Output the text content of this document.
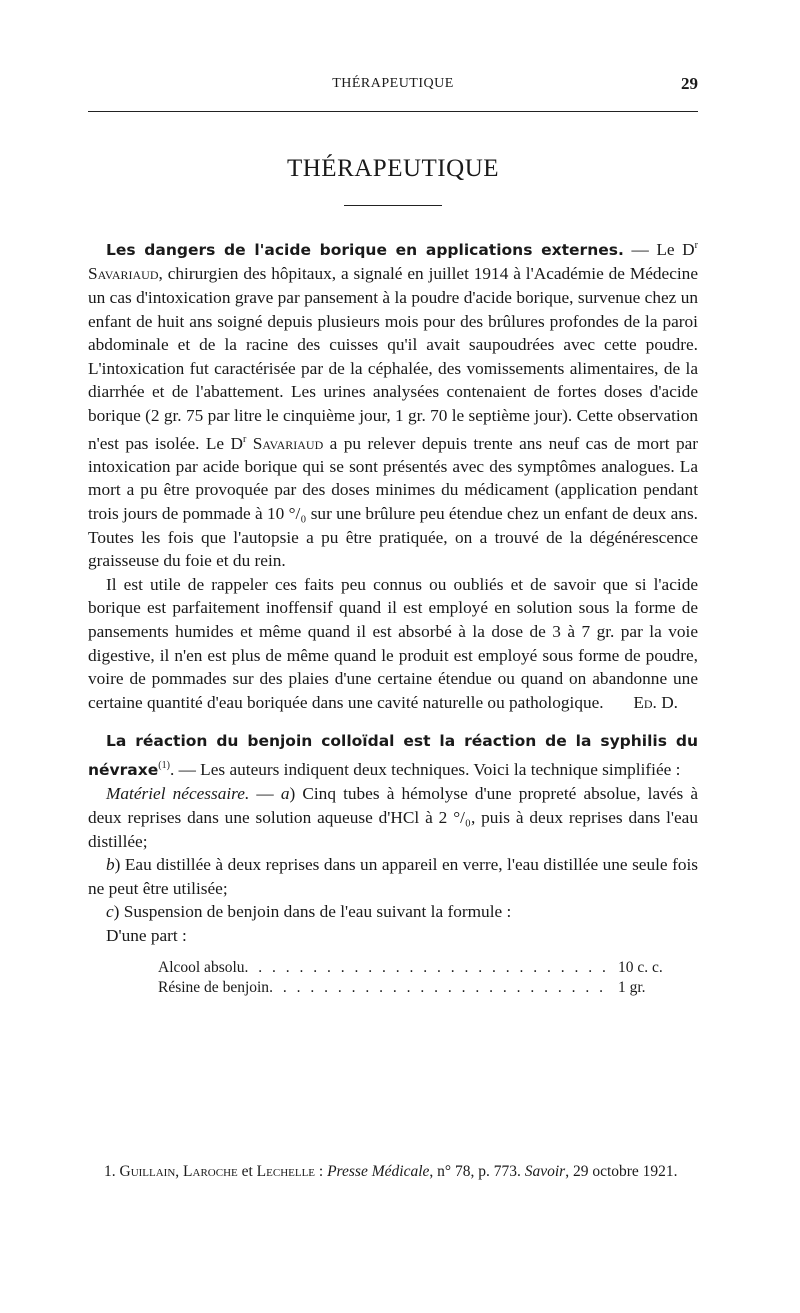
THÉRAPEUTIQUE	29
THÉRAPEUTIQUE

Les dangers de l'acide borique en applications externes. — Le $D^r$ Savariaud, chirurgien des hôpitaux, a signalé en juillet 1914 à l'Académie de Médecine un cas d'intoxication grave par pansement à la poudre d'acide borique, survenue chez un enfant de huit ans soigné depuis plusieurs mois pour des brûlures profondes de la paroi abdominale et de la racine des cuisses qu'il avait saupoudrées avec cette poudre. L'intoxication fut caractérisée par de la céphalée, des vomissements alimentaires, de la diarrhée et de l'abattement. Les urines analysées contenaient de fortes doses d'acide borique (2 gr. 75 par litre le cinquième jour, 1 gr. 70 le septième jour). Cette observation n'est pas isolée. Le $D^r$ Savariaud a pu relever depuis trente ans neuf cas de mort par intoxication par acide borique qui se sont présentés avec des symptômes analogues. La mort a pu être provoquée par des doses minimes du médicament (application pendant trois jours de pommade à 10 °/₀ sur une brûlure peu étendue chez un enfant de deux ans. Toutes les fois que l'autopsie a pu être pratiquée, on a trouvé de la dégénérescence graisseuse du foie et du rein.

Il est utile de rappeler ces faits peu connus ou oubliés et de savoir que si l'acide borique est parfaitement inoffensif quand il est employé en solution sous la forme de pansements humides et même quand il est absorbé à la dose de 3 à 7 gr. par la voie digestive, il n'en est plus de même quand le produit est employé sous forme de poudre, voire de pommades sur des plaies d'une certaine étendue ou quand on abandonne une certaine quantité d'eau boriquée dans une cavité naturelle ou pathologique.	Ed. D.

La réaction du benjoin colloïdal est la réaction de la syphilis du névraxe$^{(1)}$. — Les auteurs indiquent deux techniques. Voici la technique simplifiée :

Matériel nécessaire. — a) Cinq tubes à hémolyse d'une propreté absolue, lavés à deux reprises dans une solution aqueuse d'HCl à 2 °/₀, puis à deux reprises dans l'eau distillée;

b) Eau distillée à deux reprises dans un appareil en verre, l'eau distillée une seule fois ne peut être utilisée;

c) Suspension de benjoin dans de l'eau suivant la formule :

D'une part :

Alcool absolu . . .	10 c. c.
Résine de benjoin . . .	1 gr.

1. Guillain, Laroche et Lechelle : Presse Médicale, n° 78, p. 773. Savoir, 29 octobre 1921.
